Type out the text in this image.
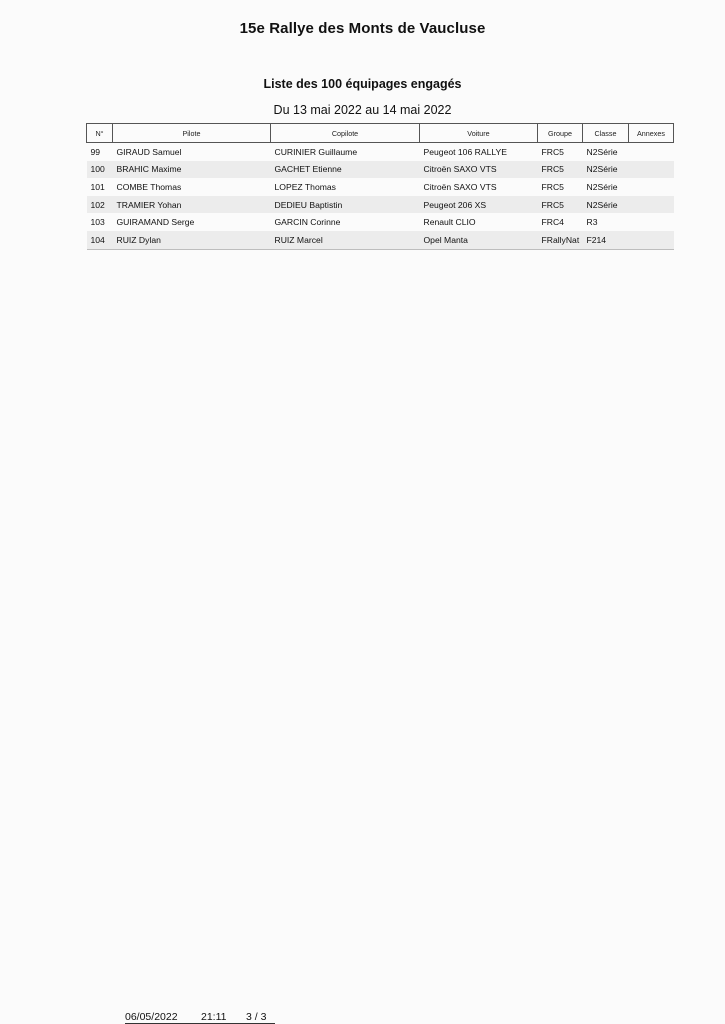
15e Rallye des Monts de Vaucluse
Liste des 100 équipages engagés
Du 13 mai 2022 au 14 mai 2022
N°	Pilote	Copilote	Voiture	Groupe	Classe	Annexes
99	GIRAUD Samuel	CURINIER Guillaume	Peugeot 106 RALLYE	FRC5	N2Série	
100	BRAHIC Maxime	GACHET Etienne	Citroën SAXO VTS	FRC5	N2Série	
101	COMBE Thomas	LOPEZ Thomas	Citroën SAXO VTS	FRC5	N2Série	
102	TRAMIER Yohan	DEDIEU Baptistin	Peugeot 206 XS	FRC5	N2Série	
103	GUIRAMAND Serge	GARCIN Corinne	Renault CLIO	FRC4	R3	
104	RUIZ Dylan	RUIZ Marcel	Opel Manta	FRallyNat	F214	
06/05/2022 21:11 3 / 3
